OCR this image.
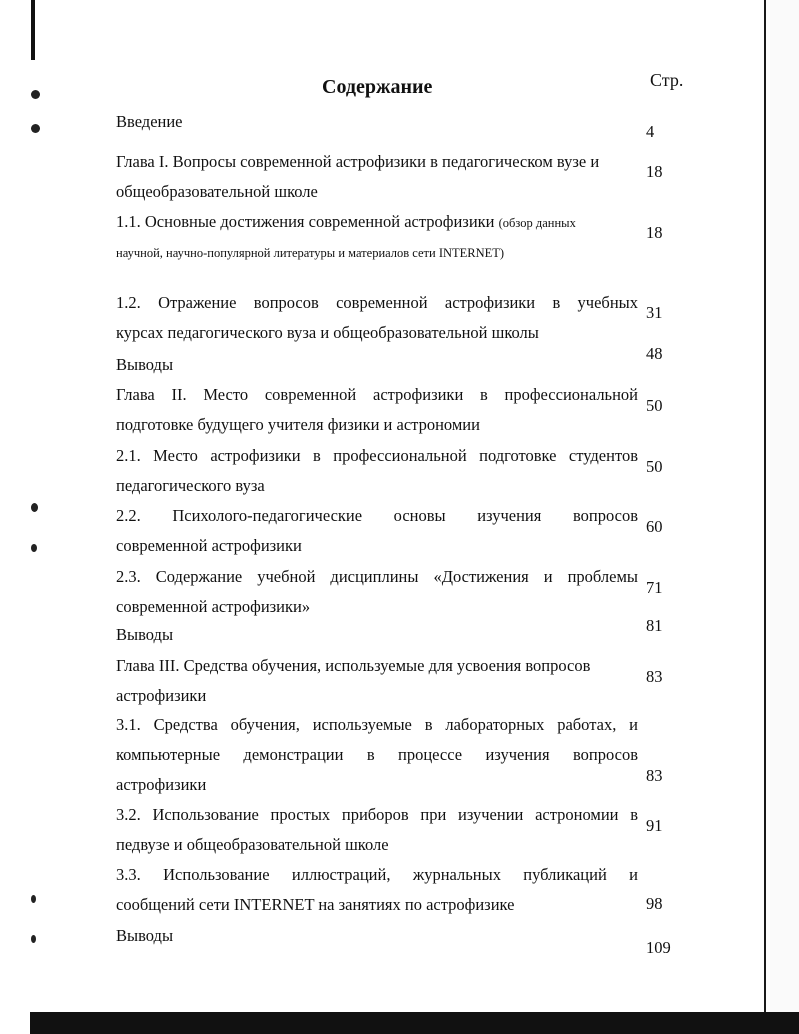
Содержание	Стр.
Введение
4
Глава I. Вопросы современной астрофизики в педагогическом вузе и
общеобразовательной школе
18
1.1. Основные достижения современной астрофизики (обзор данных
научной, научно-популярной литературы и материалов сети INTERNET)
18
1.2. Отражение вопросов современной астрофизики в учебных
курсах педагогического вуза и общеобразовательной школы
31
Выводы
48
Глава II. Место современной астрофизики в профессиональной
подготовке будущего учителя физики и астрономии
50
2.1. Место астрофизики в профессиональной подготовке студентов
педагогического вуза
50
2.2. Психолого-педагогические основы изучения вопросов
современной астрофизики
60
2.3. Содержание учебной дисциплины «Достижения и проблемы
современной астрофизики»
71
Выводы	81
Глава III. Средства обучения, используемые для усвоения вопросов
астрофизики
83
3.1. Средства обучения, используемые в лабораторных работах, и
компьютерные демонстрации в процессе изучения вопросов
астрофизики	83
3.2. Использование простых приборов при изучении астрономии в
педвузе и общеобразовательной школе
91
3.3. Использование иллюстраций, журнальных публикаций и
сообщений сети INTERNET на занятиях по астрофизике	98
Выводы
109
